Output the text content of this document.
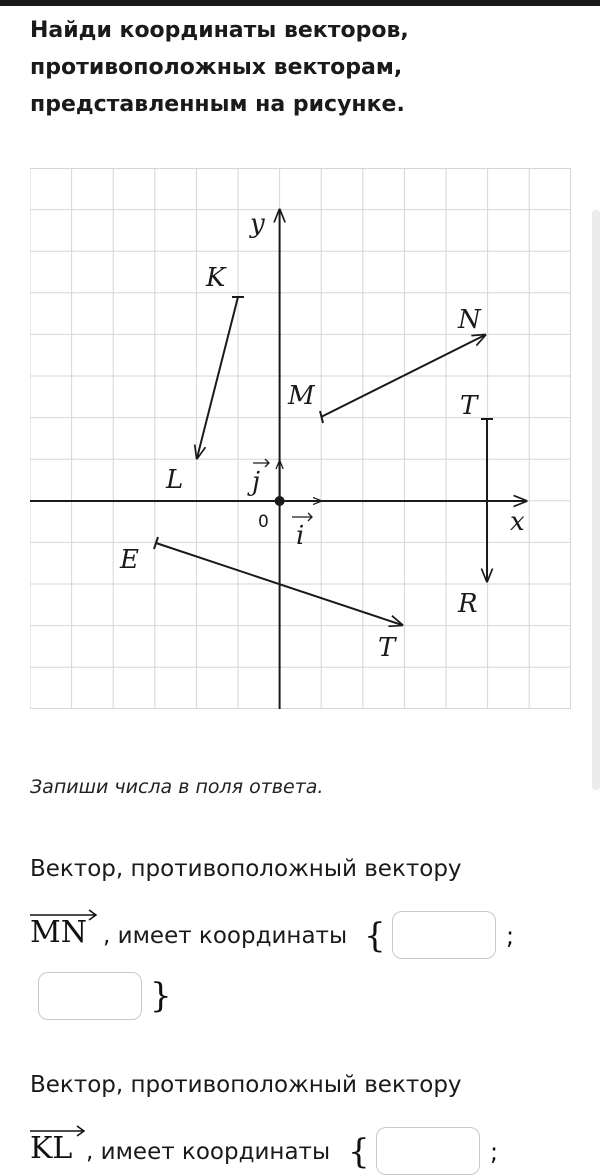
Найди координаты векторов,
противоположных векторам,
представленным на рисунке.
y
x
K
L
M
N
T
R
E
T
j
i
0
Запиши числа в поля ответа.
Вектор, противоположный вектору
MN , имеет координаты {	;
}
Вектор, противоположный вектору
KL , имеет координаты {	;
